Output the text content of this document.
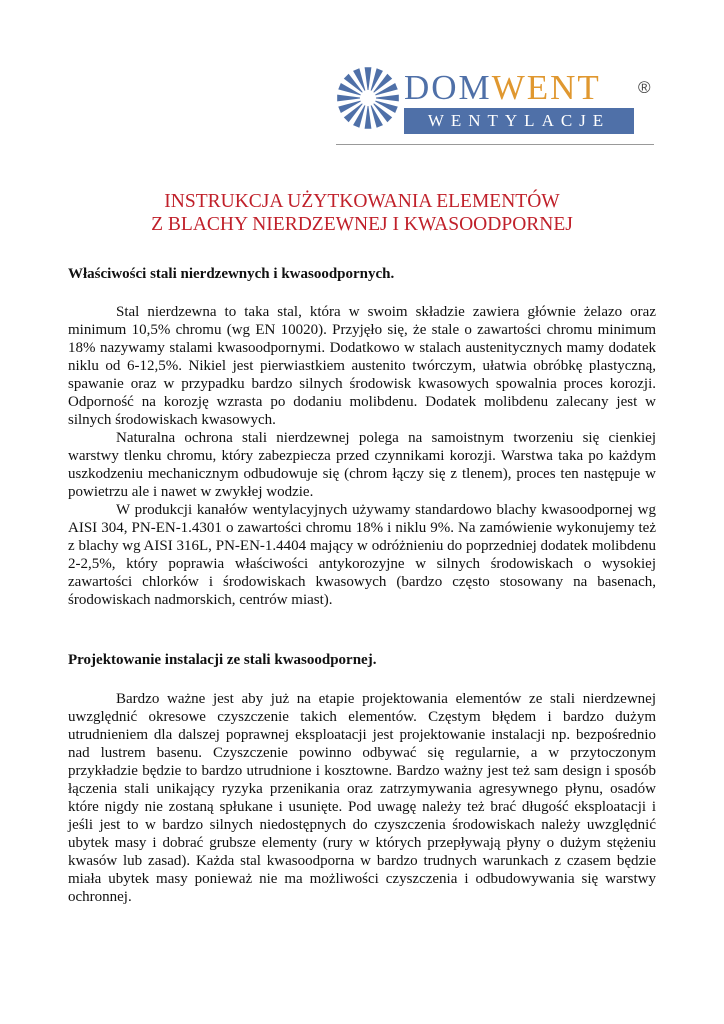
DOMWENT ®
WENTYLACJE
INSTRUKCJA UŻYTKOWANIA ELEMENTÓW
Z BLACHY NIERDZEWNEJ I KWASOODPORNEJ
Właściwości stali nierdzewnych i kwasoodpornych.

Stal nierdzewna to taka stal, która w swoim składzie zawiera głównie żelazo oraz minimum 10,5% chromu (wg EN 10020). Przyjęło się, że stale o zawartości chromu minimum 18% nazywamy stalami kwasoodpornymi. Dodatkowo w stalach austenitycznych mamy dodatek niklu od 6-12,5%. Nikiel jest pierwiastkiem austenito twórczym, ułatwia obróbkę plastyczną, spawanie oraz w przypadku bardzo silnych środowisk kwasowych spowalnia proces korozji. Odporność na korozję wzrasta po dodaniu molibdenu. Dodatek molibdenu zalecany jest w silnych środowiskach kwasowych.

Naturalna ochrona stali nierdzewnej polega na samoistnym tworzeniu się cienkiej warstwy tlenku chromu, który zabezpiecza przed czynnikami korozji. Warstwa taka po każdym uszkodzeniu mechanicznym odbudowuje się (chrom łączy się z tlenem), proces ten następuje w powietrzu ale i nawet w zwykłej wodzie.

W produkcji kanałów wentylacyjnych używamy standardowo blachy kwasoodpornej wg AISI 304, PN-EN-1.4301 o zawartości chromu 18% i niklu 9%. Na zamówienie wykonujemy też z blachy wg AISI 316L, PN-EN-1.4404 mający w odróżnieniu do poprzedniej dodatek molibdenu 2-2,5%, który poprawia właściwości antykorozyjne w silnych środowiskach o wysokiej zawartości chlorków i środowiskach kwasowych (bardzo często stosowany na basenach, środowiskach nadmorskich, centrów miast).

Projektowanie instalacji ze stali kwasoodpornej.

Bardzo ważne jest aby już na etapie projektowania elementów ze stali nierdzewnej uwzględnić okresowe czyszczenie takich elementów. Częstym błędem i bardzo dużym utrudnieniem dla dalszej poprawnej eksploatacji jest projektowanie instalacji np. bezpośrednio nad lustrem basenu. Czyszczenie powinno odbywać się regularnie, a w przytoczonym przykładzie będzie to bardzo utrudnione i kosztowne. Bardzo ważny jest też sam design i sposób łączenia stali unikający ryzyka przenikania oraz zatrzymywania agresywnego płynu, osadów które nigdy nie zostaną spłukane i usunięte. Pod uwagę należy też brać długość eksploatacji i jeśli jest to w bardzo silnych niedostępnych do czyszczenia środowiskach należy uwzględnić ubytek masy i dobrać grubsze elementy (rury w których przepływają płyny o dużym stężeniu kwasów lub zasad). Każda stal kwasoodporna w bardzo trudnych warunkach z czasem będzie miała ubytek masy ponieważ nie ma możliwości czyszczenia i odbudowywania się warstwy ochronnej.
